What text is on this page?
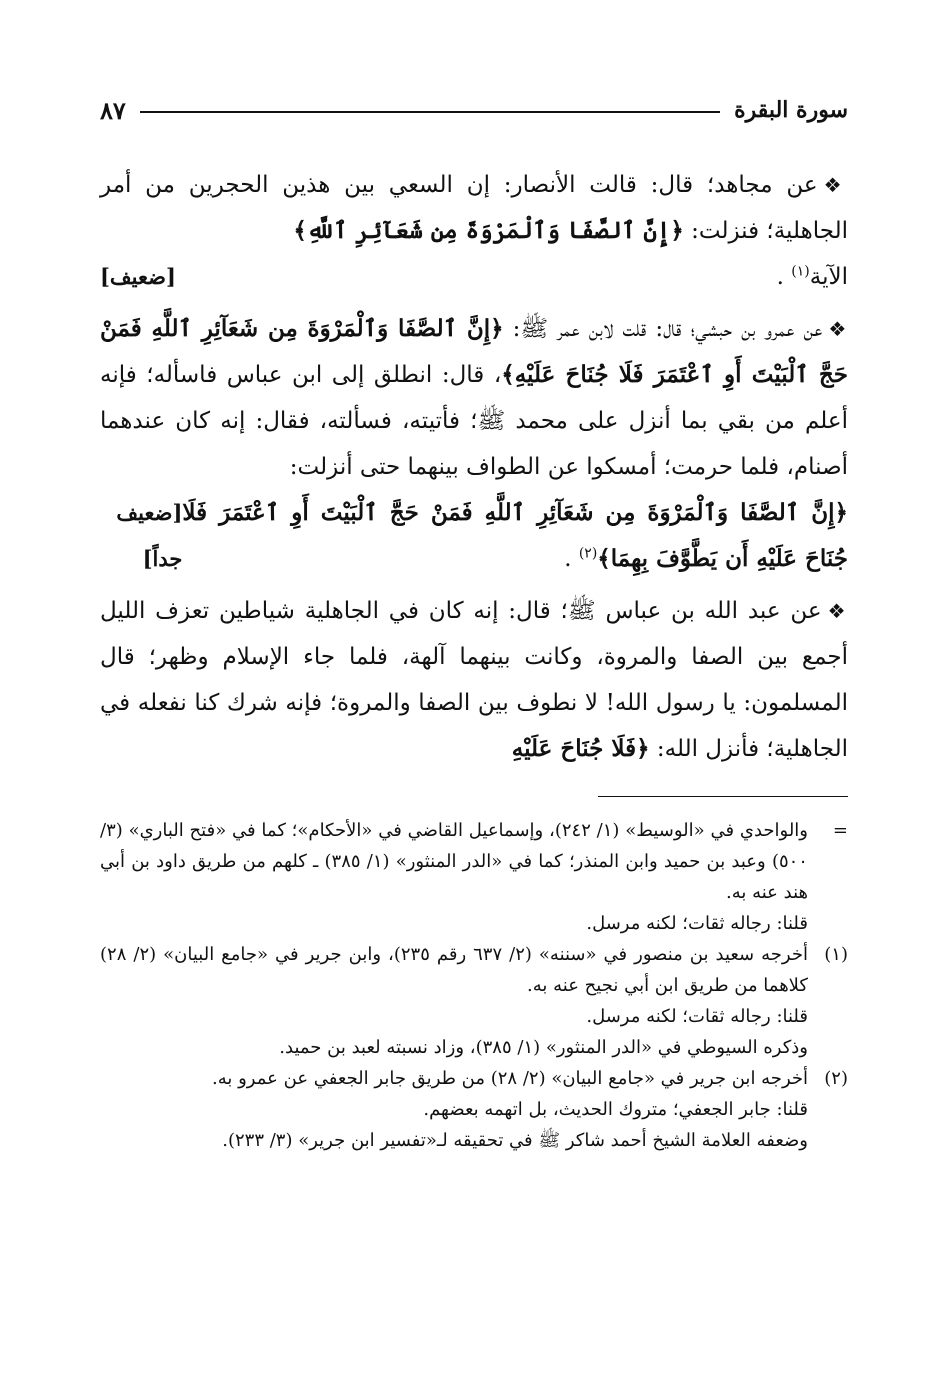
سورة البقرة
٨٧
❖عن مجاهد؛ قال: قالت الأنصار: إن السعي بين هذين الحجرين من أمر الجاهلية؛ فنزلت: ﴿إِنَّ ٱلصَّفَا وَٱلْمَرْوَةَ مِن شَعَآئِرِ ٱللَّهِ﴾
الآية$^{(١)}$ .
[ضعيف]
❖عن عمرو بن حبشي؛ قال: قلت لابن عمر ﷺ: ﴿إِنَّ ٱلصَّفَا وَٱلْمَرْوَةَ مِن شَعَآئِرِ ٱللَّهِ فَمَنْ حَجَّ ٱلْبَيْتَ أَوِ ٱعْتَمَرَ فَلَا جُنَاحَ عَلَيْهِ﴾، قال: انطلق إلى ابن عباس فاسأله؛ فإنه أعلم من بقي بما أنزل على محمد ﷺ؛ فأتيته، فسألته، فقال: إنه كان عندهما أصنام، فلما حرمت؛ أمسكوا عن الطواف بينهما حتى أنزلت:
﴿إِنَّ ٱلصَّفَا وَٱلْمَرْوَةَ مِن شَعَآئِرِ ٱللَّهِ فَمَنْ حَجَّ ٱلْبَيْتَ أَوِ ٱعْتَمَرَ فَلَا جُنَاحَ عَلَيْهِ أَن يَطَّوَّفَ بِهِمَا﴾$^{(٢)}$ .
[ضعيف جداً]
❖عن عبد الله بن عباس ﷺ؛ قال: إنه كان في الجاهلية شياطين تعزف الليل أجمع بين الصفا والمروة، وكانت بينهما آلهة، فلما جاء الإسلام وظهر؛ قال المسلمون: يا رسول الله! لا نطوف بين الصفا والمروة؛ فإنه شرك كنا نفعله في الجاهلية؛ فأنزل الله: ﴿فَلَا جُنَاحَ عَلَيْهِ
=

والواحدي في «الوسيط» (١/ ٢٤٢)، وإسماعيل القاضي في «الأحكام»؛ كما في «فتح الباري» (٣/ ٥٠٠) وعبد بن حميد وابن المنذر؛ كما في «الدر المنثور» (١/ ٣٨٥) ـ كلهم من طريق داود بن أبي هند عنه به.

قلنا: رجاله ثقات؛ لكنه مرسل.

(١)

أخرجه سعيد بن منصور في «سننه» (٢/ ٦٣٧ رقم ٢٣٥)، وابن جرير في «جامع البيان» (٢/ ٢٨) كلاهما من طريق ابن أبي نجيح عنه به.

قلنا: رجاله ثقات؛ لكنه مرسل.

وذكره السيوطي في «الدر المنثور» (١/ ٣٨٥)، وزاد نسبته لعبد بن حميد.

(٢)

أخرجه ابن جرير في «جامع البيان» (٢/ ٢٨) من طريق جابر الجعفي عن عمرو به.

قلنا: جابر الجعفي؛ متروك الحديث، بل اتهمه بعضهم.

وضعفه العلامة الشيخ أحمد شاكر ﷺ في تحقيقه لـ«تفسير ابن جرير» (٣/ ٢٣٣).
